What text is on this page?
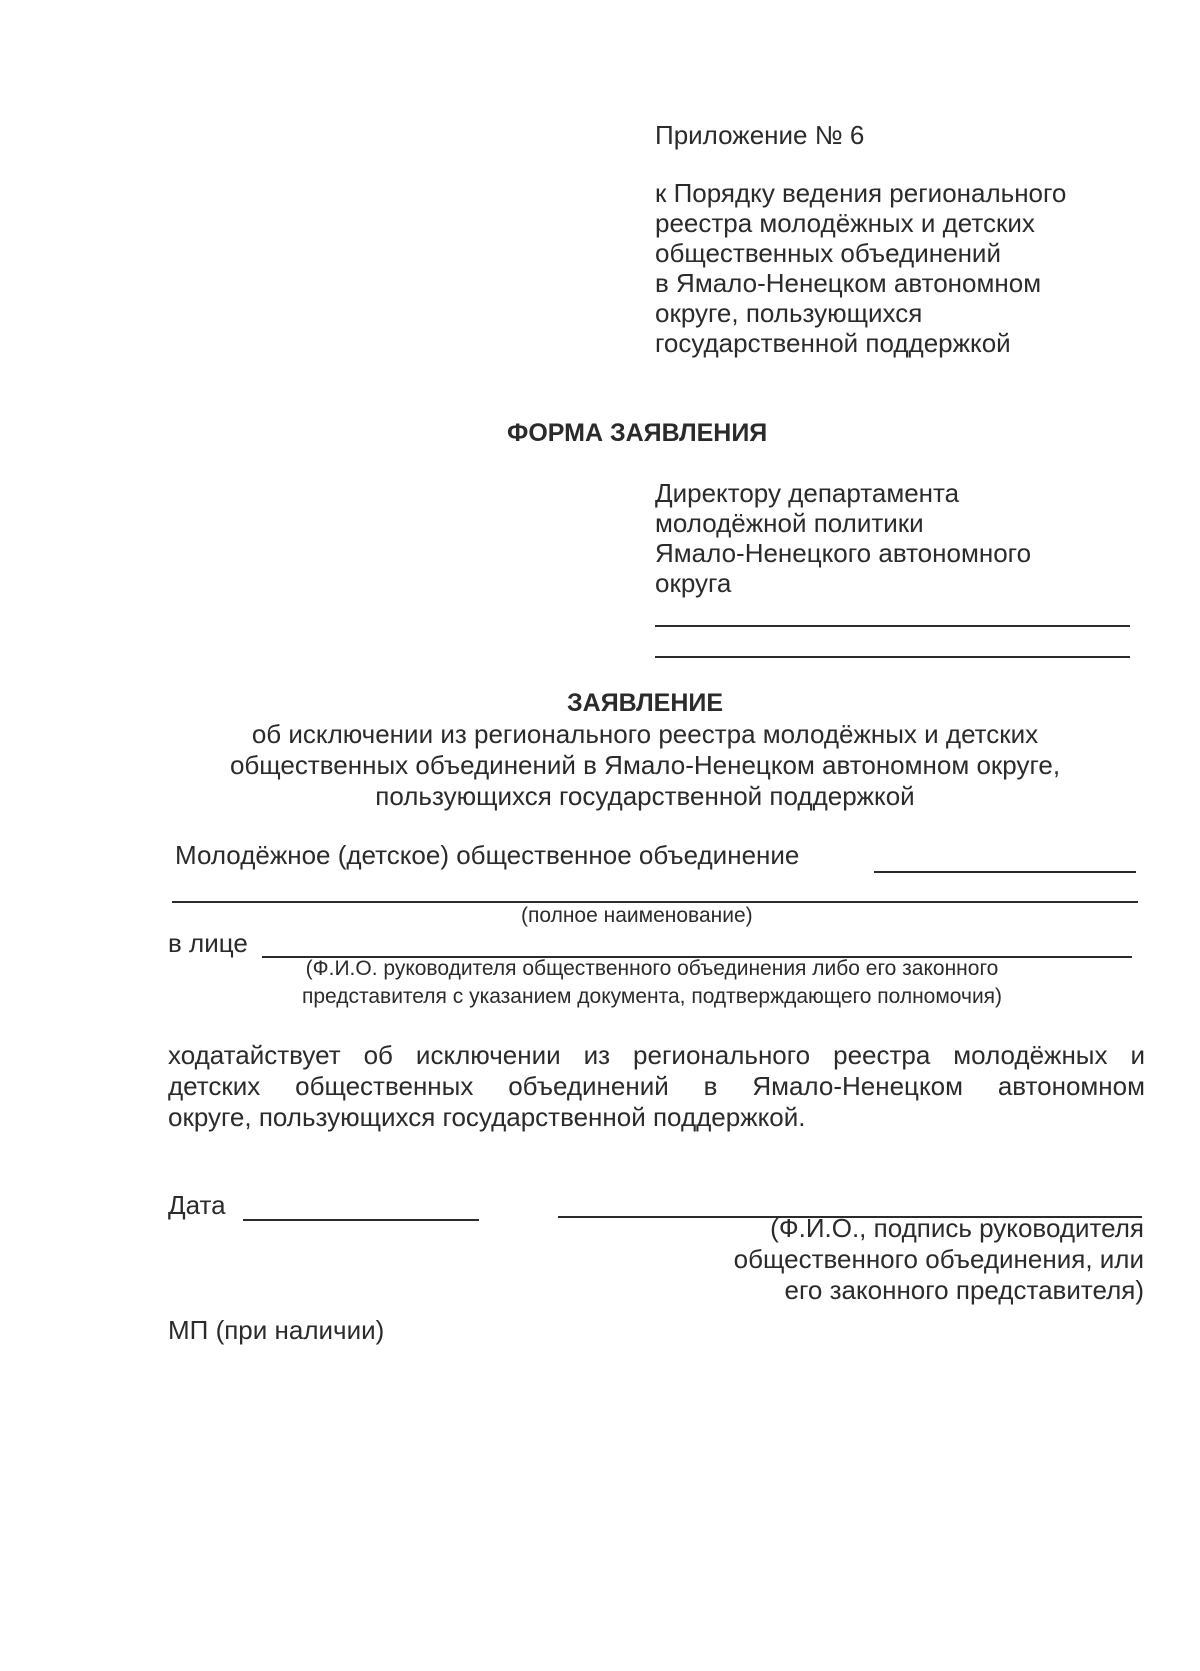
Приложение № 6
к Порядку ведения регионального
реестра молодёжных и детских
общественных объединений
в Ямало-Ненецком автономном
округе, пользующихся
государственной поддержкой
ФОРМА ЗАЯВЛЕНИЯ
Директору департамента
молодёжной политики
Ямало-Ненецкого автономного
округа
ЗАЯВЛЕНИЕ
об исключении из регионального реестра молодёжных и детских
общественных объединений в Ямало-Ненецком автономном округе,
пользующихся государственной поддержкой
Молодёжное (детское) общественное объединение
(полное наименование)
в лице
(Ф.И.О. руководителя общественного объединения либо его законного
представителя с указанием документа, подтверждающего полномочия)
ходатайствует об исключении из регионального реестра молодёжных и
детских общественных объединений в Ямало-Ненецком автономном
округе, пользующихся государственной поддержкой.
Дата
(Ф.И.О., подпись руководителя
общественного объединения, или
его законного представителя)
МП (при наличии)
